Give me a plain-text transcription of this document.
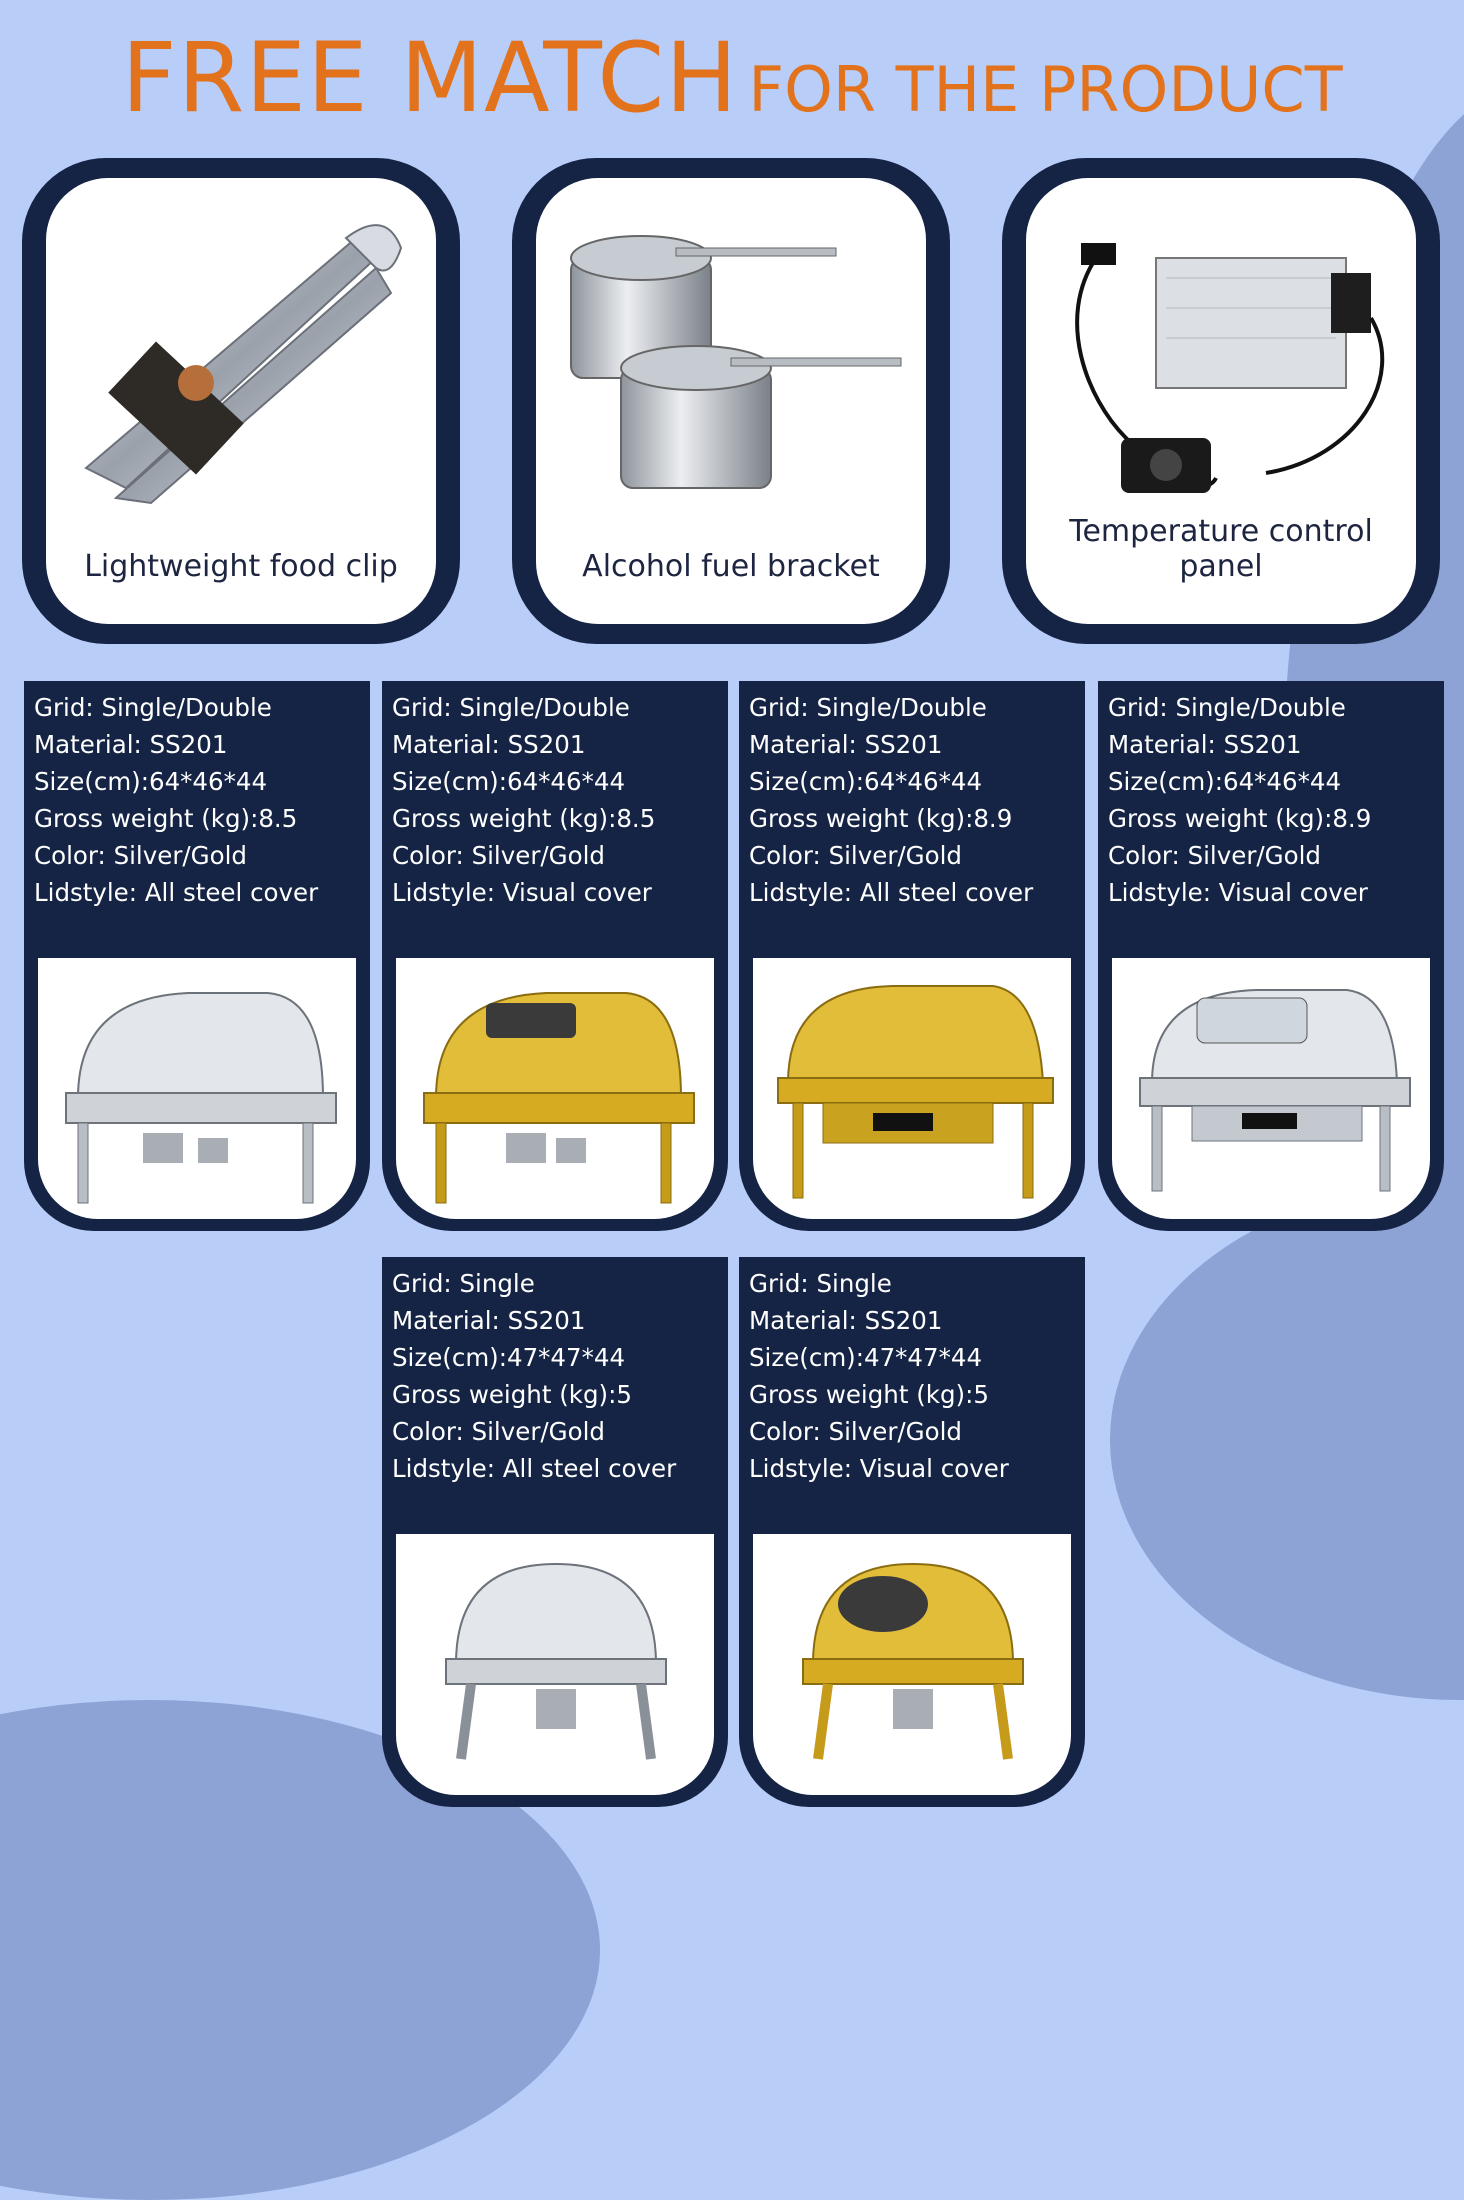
FREE MATCH FOR THE PRODUCT
Lightweight food clip	Alcohol fuel bracket
Temperature control panel
Grid: Single/Double
Material: SS201
Size(cm):64*46*44
Gross weight (kg):8.5
Color: Silver/Gold
Lidstyle: All steel cover
Grid: Single/Double
Material: SS201
Size(cm):64*46*44
Gross weight (kg):8.5
Color: Silver/Gold
Lidstyle: Visual cover
Grid: Single/Double
Material: SS201
Size(cm):64*46*44
Gross weight (kg):8.9
Color: Silver/Gold
Lidstyle: All steel cover
Grid: Single/Double
Material: SS201
Size(cm):64*46*44
Gross weight (kg):8.9
Color: Silver/Gold
Lidstyle: Visual cover
Grid: Single
Material: SS201
Size(cm):47*47*44
Gross weight (kg):5
Color: Silver/Gold
Lidstyle: All steel cover
Grid: Single
Material: SS201
Size(cm):47*47*44
Gross weight (kg):5
Color: Silver/Gold
Lidstyle: Visual cover
